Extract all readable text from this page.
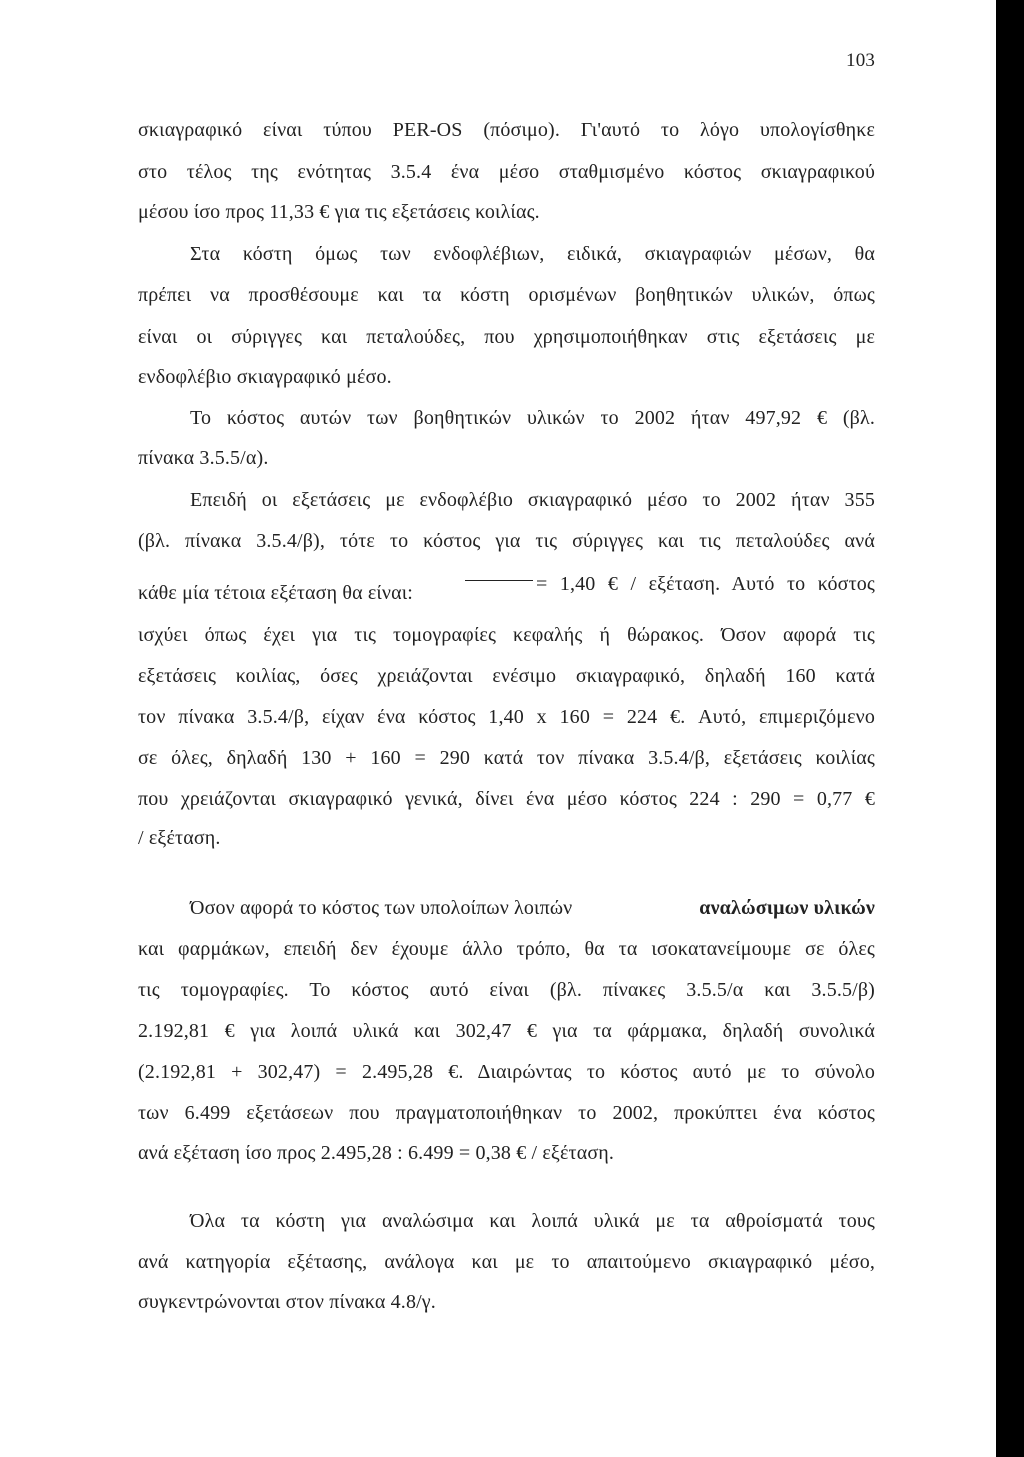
103
σκιαγραφικό είναι τύπου PER-OS (πόσιμο). Γι'αυτό το λόγο υπολογίσθηκε
στο τέλος της ενότητας 3.5.4 ένα μέσο σταθμισμένο κόστος σκιαγραφικού
μέσου ίσο προς 11,33 € για τις εξετάσεις κοιλίας.
Στα κόστη όμως των ενδοφλέβιων, ειδικά, σκιαγραφιών μέσων, θα
πρέπει να προσθέσουμε και τα κόστη ορισμένων βοηθητικών υλικών, όπως
είναι οι σύριγγες και πεταλούδες, που χρησιμοποιήθηκαν στις εξετάσεις με
ενδοφλέβιο σκιαγραφικό μέσο.
Το κόστος αυτών των βοηθητικών υλικών το 2002 ήταν 497,92 € (βλ.
πίνακα 3.5.5/α).
Επειδή οι εξετάσεις με ενδοφλέβιο σκιαγραφικό μέσο το 2002 ήταν 355
(βλ. πίνακα 3.5.4/β), τότε το κόστος για τις σύριγγες και τις πεταλούδες ανά
κάθε μία τέτοια εξέταση θα είναι:	= 1,40 € / εξέταση. Αυτό το κόστος
ισχύει όπως έχει για τις τομογραφίες κεφαλής ή θώρακος. Όσον αφορά τις
εξετάσεις κοιλίας, όσες χρειάζονται ενέσιμο σκιαγραφικό, δηλαδή 160 κατά
τον πίνακα 3.5.4/β, είχαν ένα κόστος 1,40 x 160 = 224 €. Αυτό, επιμεριζόμενο
σε όλες, δηλαδή 130 + 160 = 290 κατά τον πίνακα 3.5.4/β, εξετάσεις κοιλίας
που χρειάζονται σκιαγραφικό γενικά, δίνει ένα μέσο κόστος 224 : 290 = 0,77 €
/ εξέταση.
Όσον αφορά το κόστος των υπολοίπων λοιπών	αναλώσιμων υλικών
και φαρμάκων, επειδή δεν έχουμε άλλο τρόπο, θα τα ισοκατανείμουμε σε όλες
τις τομογραφίες. Το κόστος αυτό είναι (βλ. πίνακες 3.5.5/α και 3.5.5/β)
2.192,81 € για λοιπά υλικά και 302,47 € για τα φάρμακα, δηλαδή συνολικά
(2.192,81 + 302,47) = 2.495,28 €. Διαιρώντας το κόστος αυτό με το σύνολο
των 6.499 εξετάσεων που πραγματοποιήθηκαν το 2002, προκύπτει ένα κόστος
ανά εξέταση ίσο προς 2.495,28 : 6.499 = 0,38 € / εξέταση.
Όλα τα κόστη για αναλώσιμα και λοιπά υλικά με τα αθροίσματά τους
ανά κατηγορία εξέτασης, ανάλογα και με το απαιτούμενο σκιαγραφικό μέσο,
συγκεντρώνονται στον πίνακα 4.8/γ.
